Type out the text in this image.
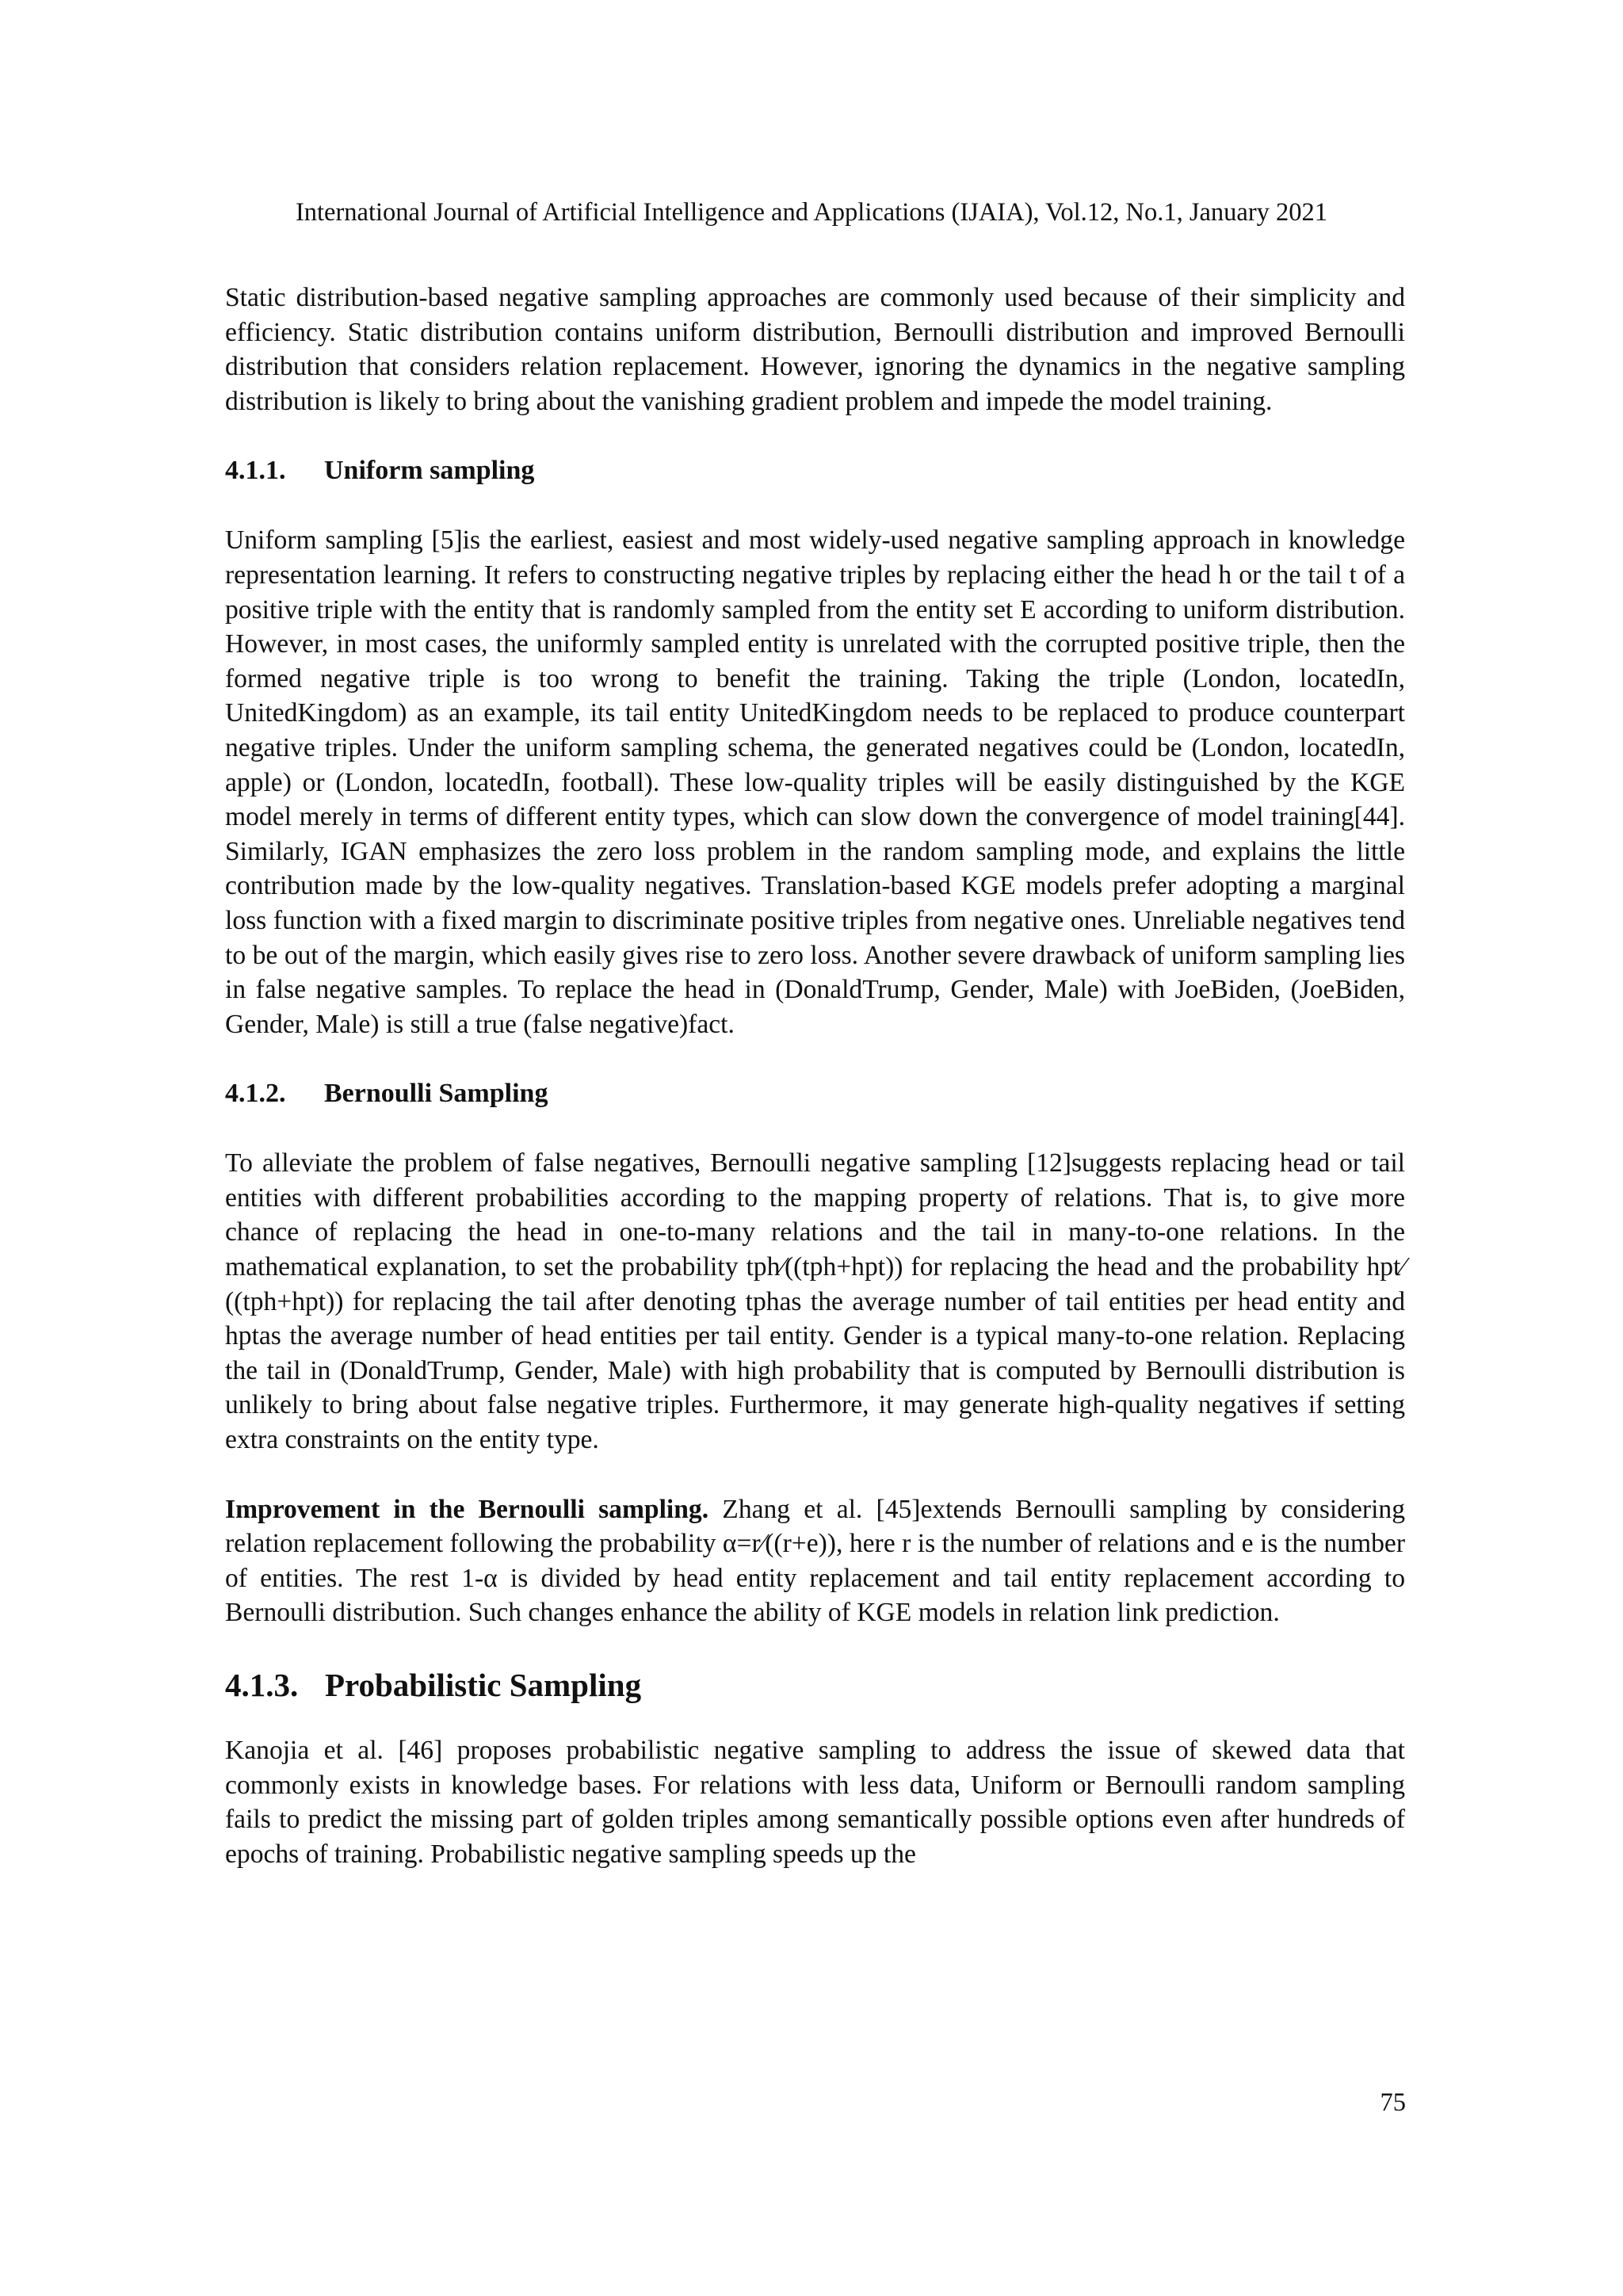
International Journal of Artificial Intelligence and Applications (IJAIA), Vol.12, No.1, January 2021

Static distribution-based negative sampling approaches are commonly used because of their simplicity and efficiency. Static distribution contains uniform distribution, Bernoulli distribution and improved Bernoulli distribution that considers relation replacement. However, ignoring the dynamics in the negative sampling distribution is likely to bring about the vanishing gradient problem and impede the model training.

4.1.1. Uniform sampling

Uniform sampling [5]is the earliest, easiest and most widely-used negative sampling approach in knowledge representation learning. It refers to constructing negative triples by replacing either the head h or the tail t of a positive triple with the entity that is randomly sampled from the entity set E according to uniform distribution. However, in most cases, the uniformly sampled entity is unrelated with the corrupted positive triple, then the formed negative triple is too wrong to benefit the training. Taking the triple (London, locatedIn, UnitedKingdom) as an example, its tail entity UnitedKingdom needs to be replaced to produce counterpart negative triples. Under the uniform sampling schema, the generated negatives could be (London, locatedIn, apple) or (London, locatedIn, football). These low-quality triples will be easily distinguished by the KGE model merely in terms of different entity types, which can slow down the convergence of model training[44]. Similarly, IGAN emphasizes the zero loss problem in the random sampling mode, and explains the little contribution made by the low-quality negatives. Translation-based KGE models prefer adopting a marginal loss function with a fixed margin to discriminate positive triples from negative ones. Unreliable negatives tend to be out of the margin, which easily gives rise to zero loss. Another severe drawback of uniform sampling lies in false negative samples. To replace the head in (DonaldTrump, Gender, Male) with JoeBiden, (JoeBiden, Gender, Male) is still a true (false negative)fact.

4.1.2. Bernoulli Sampling

To alleviate the problem of false negatives, Bernoulli negative sampling [12]suggests replacing head or tail entities with different probabilities according to the mapping property of relations. That is, to give more chance of replacing the head in one-to-many relations and the tail in many-to-one relations. In the mathematical explanation, to set the probability tph⁄((tph+hpt)) for replacing the head and the probability hpt⁄((tph+hpt)) for replacing the tail after denoting tphas the average number of tail entities per head entity and hptas the average number of head entities per tail entity. Gender is a typical many-to-one relation. Replacing the tail in (DonaldTrump, Gender, Male) with high probability that is computed by Bernoulli distribution is unlikely to bring about false negative triples. Furthermore, it may generate high-quality negatives if setting extra constraints on the entity type.

Improvement in the Bernoulli sampling. Zhang et al. [45]extends Bernoulli sampling by considering relation replacement following the probability α=r⁄((r+e)), here r is the number of relations and e is the number of entities. The rest 1-α is divided by head entity replacement and tail entity replacement according to Bernoulli distribution. Such changes enhance the ability of KGE models in relation link prediction.

4.1.3. Probabilistic Sampling

Kanojia et al. [46] proposes probabilistic negative sampling to address the issue of skewed data that commonly exists in knowledge bases. For relations with less data, Uniform or Bernoulli random sampling fails to predict the missing part of golden triples among semantically possible options even after hundreds of epochs of training. Probabilistic negative sampling speeds up the

75
